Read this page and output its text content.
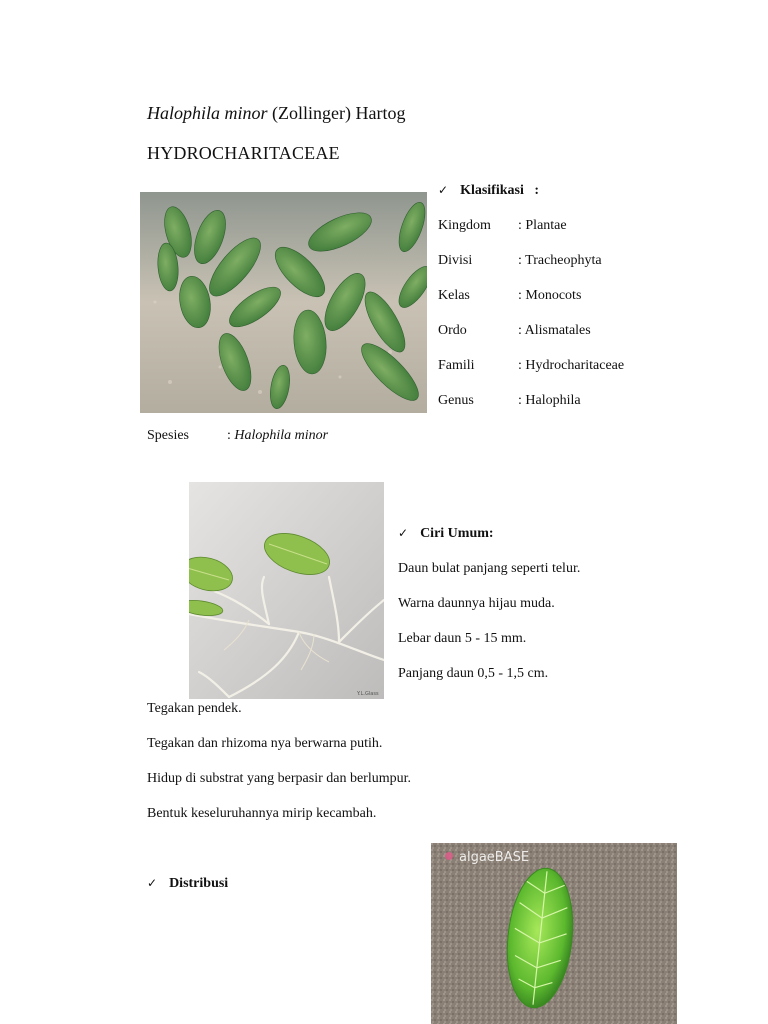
Halophila minor (Zollinger) Hartog
HYDROCHARITACEAE
✓ Klasifikasi   :
Kingdom : Plantae
Divisi	: Tracheophyta
Kelas	: Monocots
Ordo	: Alismatales
Famili	: Hydrocharitaceae
Genus	: Halophila
Spesies	: Halophila minor
Y.L.Glass
✓ Ciri Umum:
Daun bulat panjang seperti telur.
Warna daunnya hijau muda.
Lebar daun 5 - 15 mm.
Panjang daun 0,5 - 1,5 cm.
Tegakan pendek.
Tegakan dan rhizoma nya berwarna putih.
Hidup di substrat yang berpasir dan berlumpur.
Bentuk keseluruhannya mirip kecambah.
✓ Distribusi
algaeBASE
